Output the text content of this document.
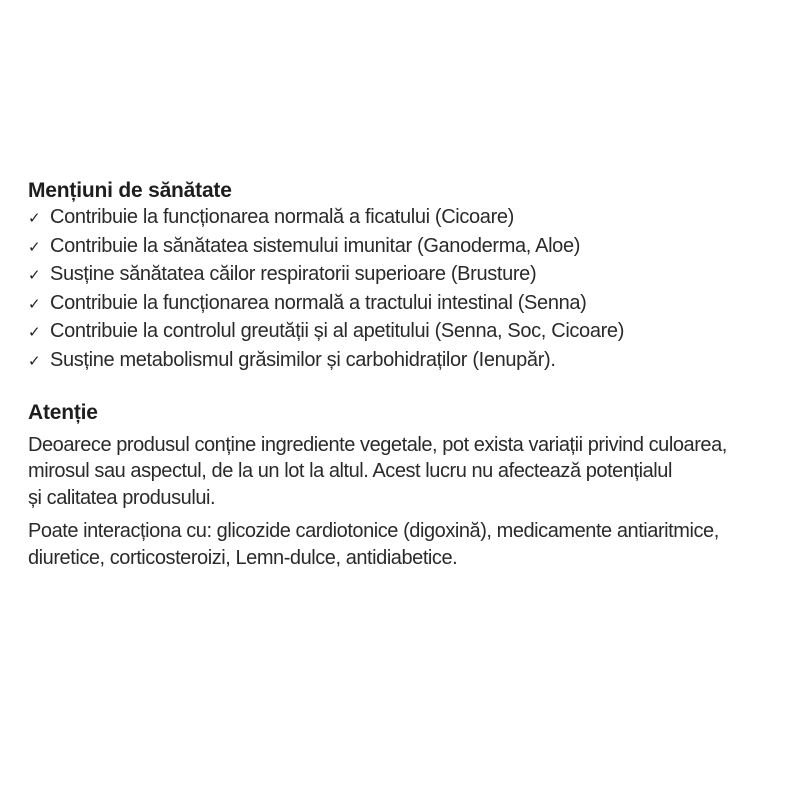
Mențiuni de sănătate
✓ Contribuie la funcționarea normală a ficatului (Cicoare)
✓ Contribuie la sănătatea sistemului imunitar (Ganoderma, Aloe)
✓ Susține sănătatea căilor respiratorii superioare (Brusture)
✓ Contribuie la funcționarea normală a tractului intestinal (Senna)
✓ Contribuie la controlul greutății și al apetitului (Senna, Soc, Cicoare)
✓ Susține metabolismul grăsimilor și carbohidraților (Ienupăr).
Atenție

Deoarece produsul conține ingrediente vegetale, pot exista variații privind culoarea,
mirosul sau aspectul, de la un lot la altul. Acest lucru nu afectează potențialul
și calitatea produsului.

Poate interacționa cu: glicozide cardiotonice (digoxină), medicamente antiaritmice,
diuretice, corticosteroizi, Lemn-dulce, antidiabetice.
